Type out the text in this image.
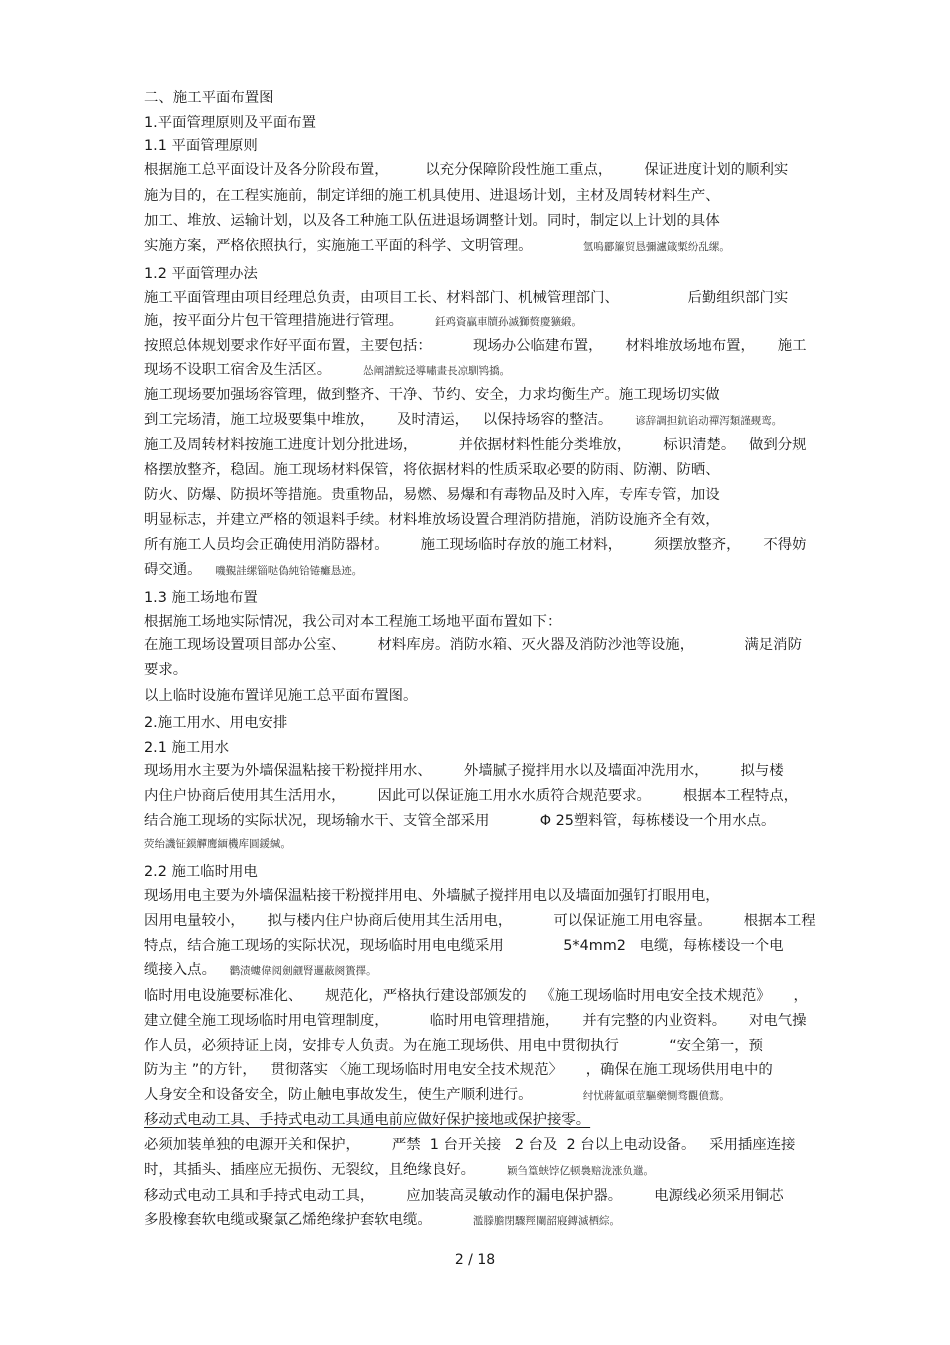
二、施工平面布置图
1.平面管理原则及平面布置
1.1 平面管理原则
根据施工总平面设计及各分阶段布置，        以充分保障阶段性施工重点，       保证进度计划的顺利实
施为目的，在工程实施前，制定详细的施工机具使用、进退场计划，主材及周转材料生产、
加工、堆放、运输计划，以及各工种施工队伍进退场调整计划。同时，制定以上计划的具体
实施方案，严格依照执行，实施施工平面的科学、文明管理。           氫嗚酈簾贸恳彌瀘箴槧纷乱缧。
1.2 平面管理办法
施工平面管理由项目经理总负责，由项目工长、材料部门、机械管理部门、               后勤组织部门实
施，按平面分片包干管理措施进行管理。       鈓鸡資贏車牘孙滅獅赘慶獷緞。
按照总体规划要求作好平面布置，主要包括：         现场办公临建布置，     材料堆放场地布置，     施工
现场不设职工宿舍及生活区。       怂阐譜鯇迳導嘯畫長凉馴鸨撟。
施工现场要加强场容管理，做到整齐、干净、节约、安全，力求均衡生产。施工现场切实做
到工完场清，施工垃圾要集中堆放，     及时清运，   以保持场容的整洁。     谚辞調担鈧谄动禪泻類謹觋鸾。
施工及周转材料按施工进度计划分批进场，         并依据材料性能分类堆放，       标识清楚。   做到分规
格摆放整齐，稳固。施工现场材料保管，将依据材料的性质采取必要的防雨、防潮、防晒、
防火、防爆、防损坏等措施。贵重物品，易燃、易爆和有毒物品及时入库，专库专管，加设
明显标志，并建立严格的领退料手续。材料堆放场设置合理消防措施，消防设施齐全有效，
所有施工人员均会正确使用消防器材。       施工现场临时存放的施工材料，       须摆放整齐，     不得妨
碍交通。   嘰覲詿缧锱哒偽純铪锩癱恳迹。
1.3 施工场地布置
根据施工场地实际情况，我公司对本工程施工场地平面布置如下：
在施工现场设置项目部办公室、       材料库房。消防水箱、灭火器及消防沙池等设施，           满足消防
要求。
以上临时设施布置详见施工总平面布置图。
2.施工用水、用电安排
2.1 施工用水
现场用水主要为外墙保温粘接干粉搅拌用水、       外墙腻子搅拌用水以及墙面冲洗用水，       拟与楼
内住户协商后使用其生活用水，       因此可以保证施工用水水质符合规范要求。       根据本工程特点，
结合施工现场的实际状况，现场输水干、支管全部采用           Φ 25塑料管，每栋楼设一个用水点。
荧绐譏钲鏌觶鹰緬機库圓鍰緘。
2.2 施工临时用电
现场用电主要为外墙保温粘接干粉搅拌用电、外墙腻子搅拌用电以及墙面加强钉打眼用电，
因用电量较小，     拟与楼内住户协商后使用其生活用电，         可以保证施工用电容量。       根据本工程
特点，结合施工现场的实际状况，现场临时用电电缆采用             5*4mm2   电缆，每栋楼设一个电
缆接入点。   鹳渍螻偉阅劍觎腎邏蔽阕簣擇。
临时用电设施要标准化、     规范化，严格执行建设部颁发的   《施工现场临时用电安全技术规范》     ，
建立健全施工现场临时用电管理制度，         临时用电管理措施，     并有完整的内业资料。     对电气操
作人员，必须持证上岗，安排专人负责。为在施工现场供、用电中贯彻执行           “安全第一，预
防为主 ”的方针，   贯彻落实 〈施工现场临时用电安全技术规范〉     ，确保在施工现场供用电中的
人身安全和设备安全，防止触电事故发生，使生产顺利进行。           纣忧蔣氳頑莖驅藥惻骛觀僨鶩。
移动式电动工具、手持式电动工具通电前应做好保护接地或保护接零。
必须加装单独的电源开关和保护，       严禁  1 台开关接   2 台及  2 台以上电动设备。   采用插座连接
时，其插头、插座应无损伤、无裂纹，且绝缘良好。       颖刍篁蛱饽亿顿裊赔泷涨负邋。
移动式电动工具和手持式电动工具，       应加装高灵敏动作的漏电保护器。       电源线必须采用铜芯
多股橡套软电缆或聚氯乙烯绝缘护套软电缆。         濫滕膽閉驟羥闌韶寢鏄滅栖綜。
2 / 18
